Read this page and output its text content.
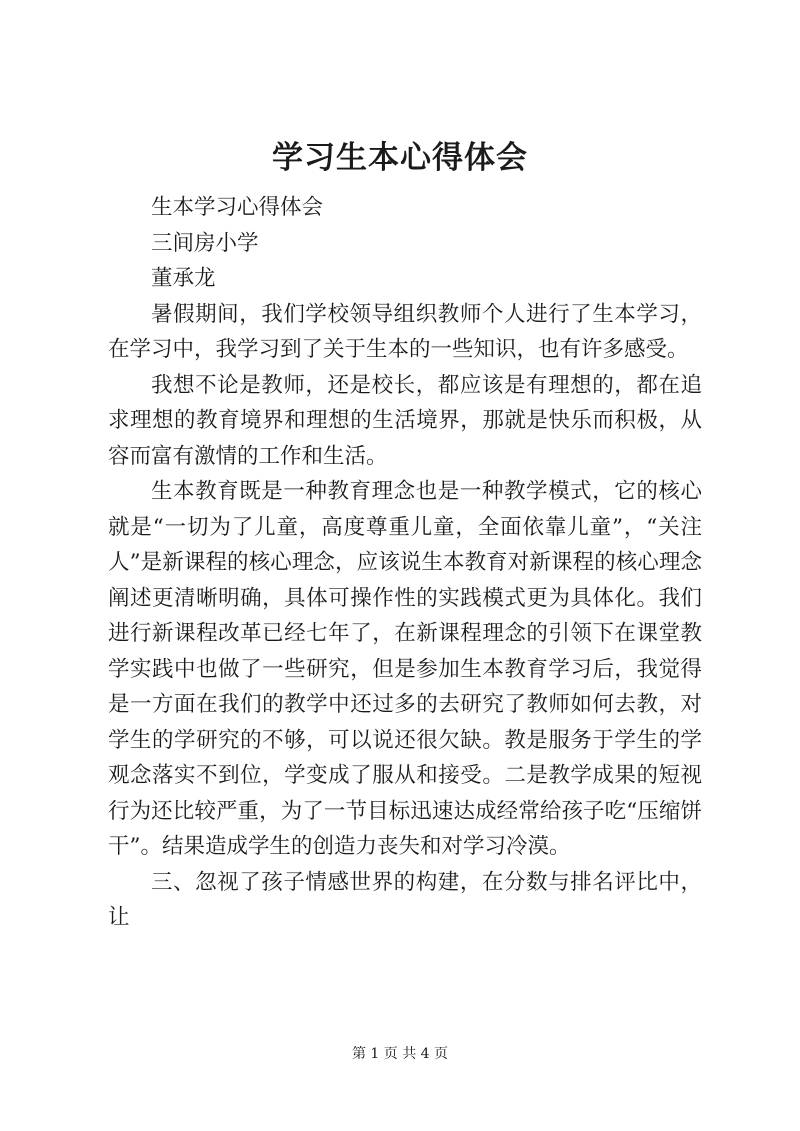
学习生本心得体会

生本学习心得体会

三间房小学

董承龙

暑假期间，我们学校领导组织教师个人进行了生本学习，在学习中，我学习到了关于生本的一些知识，也有许多感受。

我想不论是教师，还是校长，都应该是有理想的，都在追求理想的教育境界和理想的生活境界，那就是快乐而积极，从容而富有激情的工作和生活。

生本教育既是一种教育理念也是一种教学模式，它的核心就是“一切为了儿童，高度尊重儿童，全面依靠儿童”，“关注人”是新课程的核心理念，应该说生本教育对新课程的核心理念阐述更清晰明确，具体可操作性的实践模式更为具体化。我们进行新课程改革已经七年了，在新课程理念的引领下在课堂教学实践中也做了一些研究，但是参加生本教育学习后，我觉得是一方面在我们的教学中还过多的去研究了教师如何去教，对学生的学研究的不够，可以说还很欠缺。教是服务于学生的学观念落实不到位，学变成了服从和接受。二是教学成果的短视行为还比较严重，为了一节目标迅速达成经常给孩子吃“压缩饼干”。结果造成学生的创造力丧失和对学习冷漠。

三、忽视了孩子情感世界的构建，在分数与排名评比中，让

第 1 页 共 4 页
